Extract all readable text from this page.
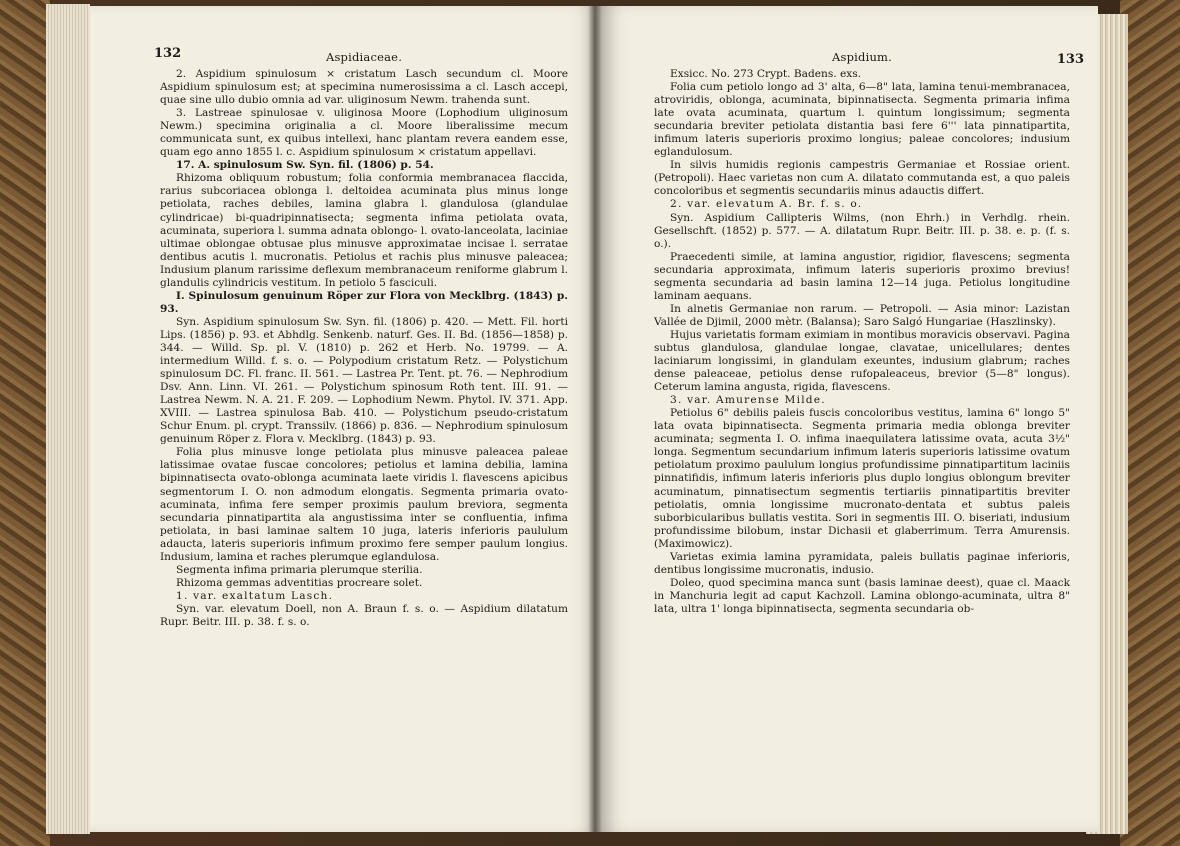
132	Aspidiaceae.

2. Aspidium spinulosum × cristatum Lasch secundum cl. Moore Aspidium spinulosum est; at specimina numerosissima a cl. Lasch accepi, quae sine ullo dubio omnia ad var. uliginosum Newm. trahenda sunt.

3. Lastreae spinulosae v. uliginosa Moore (Lophodium uliginosum Newm.) specimina originalia a cl. Moore liberalissime mecum communicata sunt, ex quibus intellexi, hanc plantam revera eandem esse, quam ego anno 1855 l. c. Aspidium spinulosum × cristatum appellavi.

17. A. spinulosum Sw. Syn. fil. (1806) p. 54.

Rhizoma obliquum robustum; folia conformia membranacea flaccida, rarius subcoriacea oblonga l. deltoidea acuminata plus minus longe petiolata, raches debiles, lamina glabra l. glandulosa (glandulae cylindricae) bi-quadripinnatisecta; segmenta infima petiolata ovata, acuminata, superiora l. summa adnata oblongo- l. ovato-lanceolata, laciniae ultimae oblongae obtusae plus minusve approximatae incisae l. serratae dentibus acutis l. mucronatis. Petiolus et rachis plus minusve paleacea; Indusium planum rarissime deflexum membranaceum reniforme glabrum l. glandulis cylindricis vestitum. In petiolo 5 fasciculi.

I. Spinulosum genuinum Röper zur Flora von Mecklbrg. (1843) p. 93.

Syn. Aspidium spinulosum Sw. Syn. fil. (1806) p. 420. — Mett. Fil. horti Lips. (1856) p. 93. et Abhdlg. Senkenb. naturf. Ges. II. Bd. (1856—1858) p. 344. — Willd. Sp. pl. V. (1810) p. 262 et Herb. No. 19799. — A. intermedium Willd. f. s. o. — Polypodium cristatum Retz. — Polystichum spinulosum DC. Fl. franc. II. 561. — Lastrea Pr. Tent. pt. 76. — Nephrodium Dsv. Ann. Linn. VI. 261. — Polystichum spinosum Roth tent. III. 91. — Lastrea Newm. N. A. 21. F. 209. — Lophodium Newm. Phytol. IV. 371. App. XVIII. — Lastrea spinulosa Bab. 410. — Polystichum pseudo-cristatum Schur Enum. pl. crypt. Transsilv. (1866) p. 836. — Nephrodium spinulosum genuinum Röper z. Flora v. Mecklbrg. (1843) p. 93.

Folia plus minusve longe petiolata plus minusve paleacea paleae latissimae ovatae fuscae concolores; petiolus et lamina debilia, lamina bipinnatisecta ovato-oblonga acuminata laete viridis l. flavescens apicibus segmentorum I. O. non admodum elongatis. Segmenta primaria ovato-acuminata, infima fere semper proximis paulum breviora, segmenta secundaria pinnatipartita ala angustissima inter se confluentia, infima petiolata, in basi laminae saltem 10 juga, lateris inferioris paululum adaucta, lateris superioris infimum proximo fere semper paulum longius. Indusium, lamina et raches plerumque eglandulosa.

Segmenta infima primaria plerumque sterilia.

Rhizoma gemmas adventitias procreare solet.

1. var. exaltatum Lasch.

Syn. var. elevatum Doell, non A. Braun f. s. o. — Aspidium dilatatum Rupr. Beitr. III. p. 38. f. s. o.

Aspidium.	133

Exsicc. No. 273 Crypt. Badens. exs.

Folia cum petiolo longo ad 3' alta, 6—8" lata, lamina tenui-membranacea, atroviridis, oblonga, acuminata, bipinnatisecta. Segmenta primaria infima late ovata acuminata, quartum l. quintum longissimum; segmenta secundaria breviter petiolata distantia basi fere 6''' lata pinnatipartita, infimum lateris superioris proximo longius; paleae concolores; indusium eglandulosum.

In silvis humidis regionis campestris Germaniae et Rossiae orient. (Petropoli). Haec varietas non cum A. dilatato commutanda est, a quo paleis concoloribus et segmentis secundariis minus adauctis differt.

2. var. elevatum A. Br. f. s. o.

Syn. Aspidium Callipteris Wilms, (non Ehrh.) in Verhdlg. rhein. Gesellschft. (1852) p. 577. — A. dilatatum Rupr. Beitr. III. p. 38. e. p. (f. s. o.).

Praecedenti simile, at lamina angustior, rigidior, flavescens; segmenta secundaria approximata, infimum lateris superioris proximo brevius! segmenta secundaria ad basin lamina 12—14 juga. Petiolus longitudine laminam aequans.

In alnetis Germaniae non rarum. — Petropoli. — Asia minor: Lazistan Vallée de Djimil, 2000 mètr. (Balansa); Saro Salgó Hungariae (Haszlinsky).

Hujus varietatis formam eximiam in montibus moravicis observavi. Pagina subtus glandulosa, glandulae longae, clavatae, unicellulares; dentes laciniarum longissimi, in glandulam exeuntes, indusium glabrum; raches dense paleaceae, petiolus dense rufopaleaceus, brevior (5—8" longus). Ceterum lamina angusta, rigida, flavescens.

3. var. Amurense Milde.

Petiolus 6" debilis paleis fuscis concoloribus vestitus, lamina 6" longo 5" lata ovata bipinnatisecta. Segmenta primaria media oblonga breviter acuminata; segmenta I. O. infima inaequilatera latissime ovata, acuta 3½" longa. Segmentum secundarium infimum lateris superioris latissime ovatum petiolatum proximo paululum longius profundissime pinnatipartitum laciniis pinnatifidis, infimum lateris inferioris plus duplo longius oblongum breviter acuminatum, pinnatisectum segmentis tertiariis pinnatipartitis breviter petiolatis, omnia longissime mucronato-dentata et subtus paleis suborbicularibus bullatis vestita. Sori in segmentis III. O. biseriati, indusium profundissime bilobum, instar Dichasii et glaberrimum. Terra Amurensis. (Maximowicz).

Varietas eximia lamina pyramidata, paleis bullatis paginae inferioris, dentibus longissime mucronatis, indusio.

Doleo, quod specimina manca sunt (basis laminae deest), quae cl. Maack in Manchuria legit ad caput Kachzoll. Lamina oblongo-acuminata, ultra 8" lata, ultra 1' longa bipinnatisecta, segmenta secundaria ob-
